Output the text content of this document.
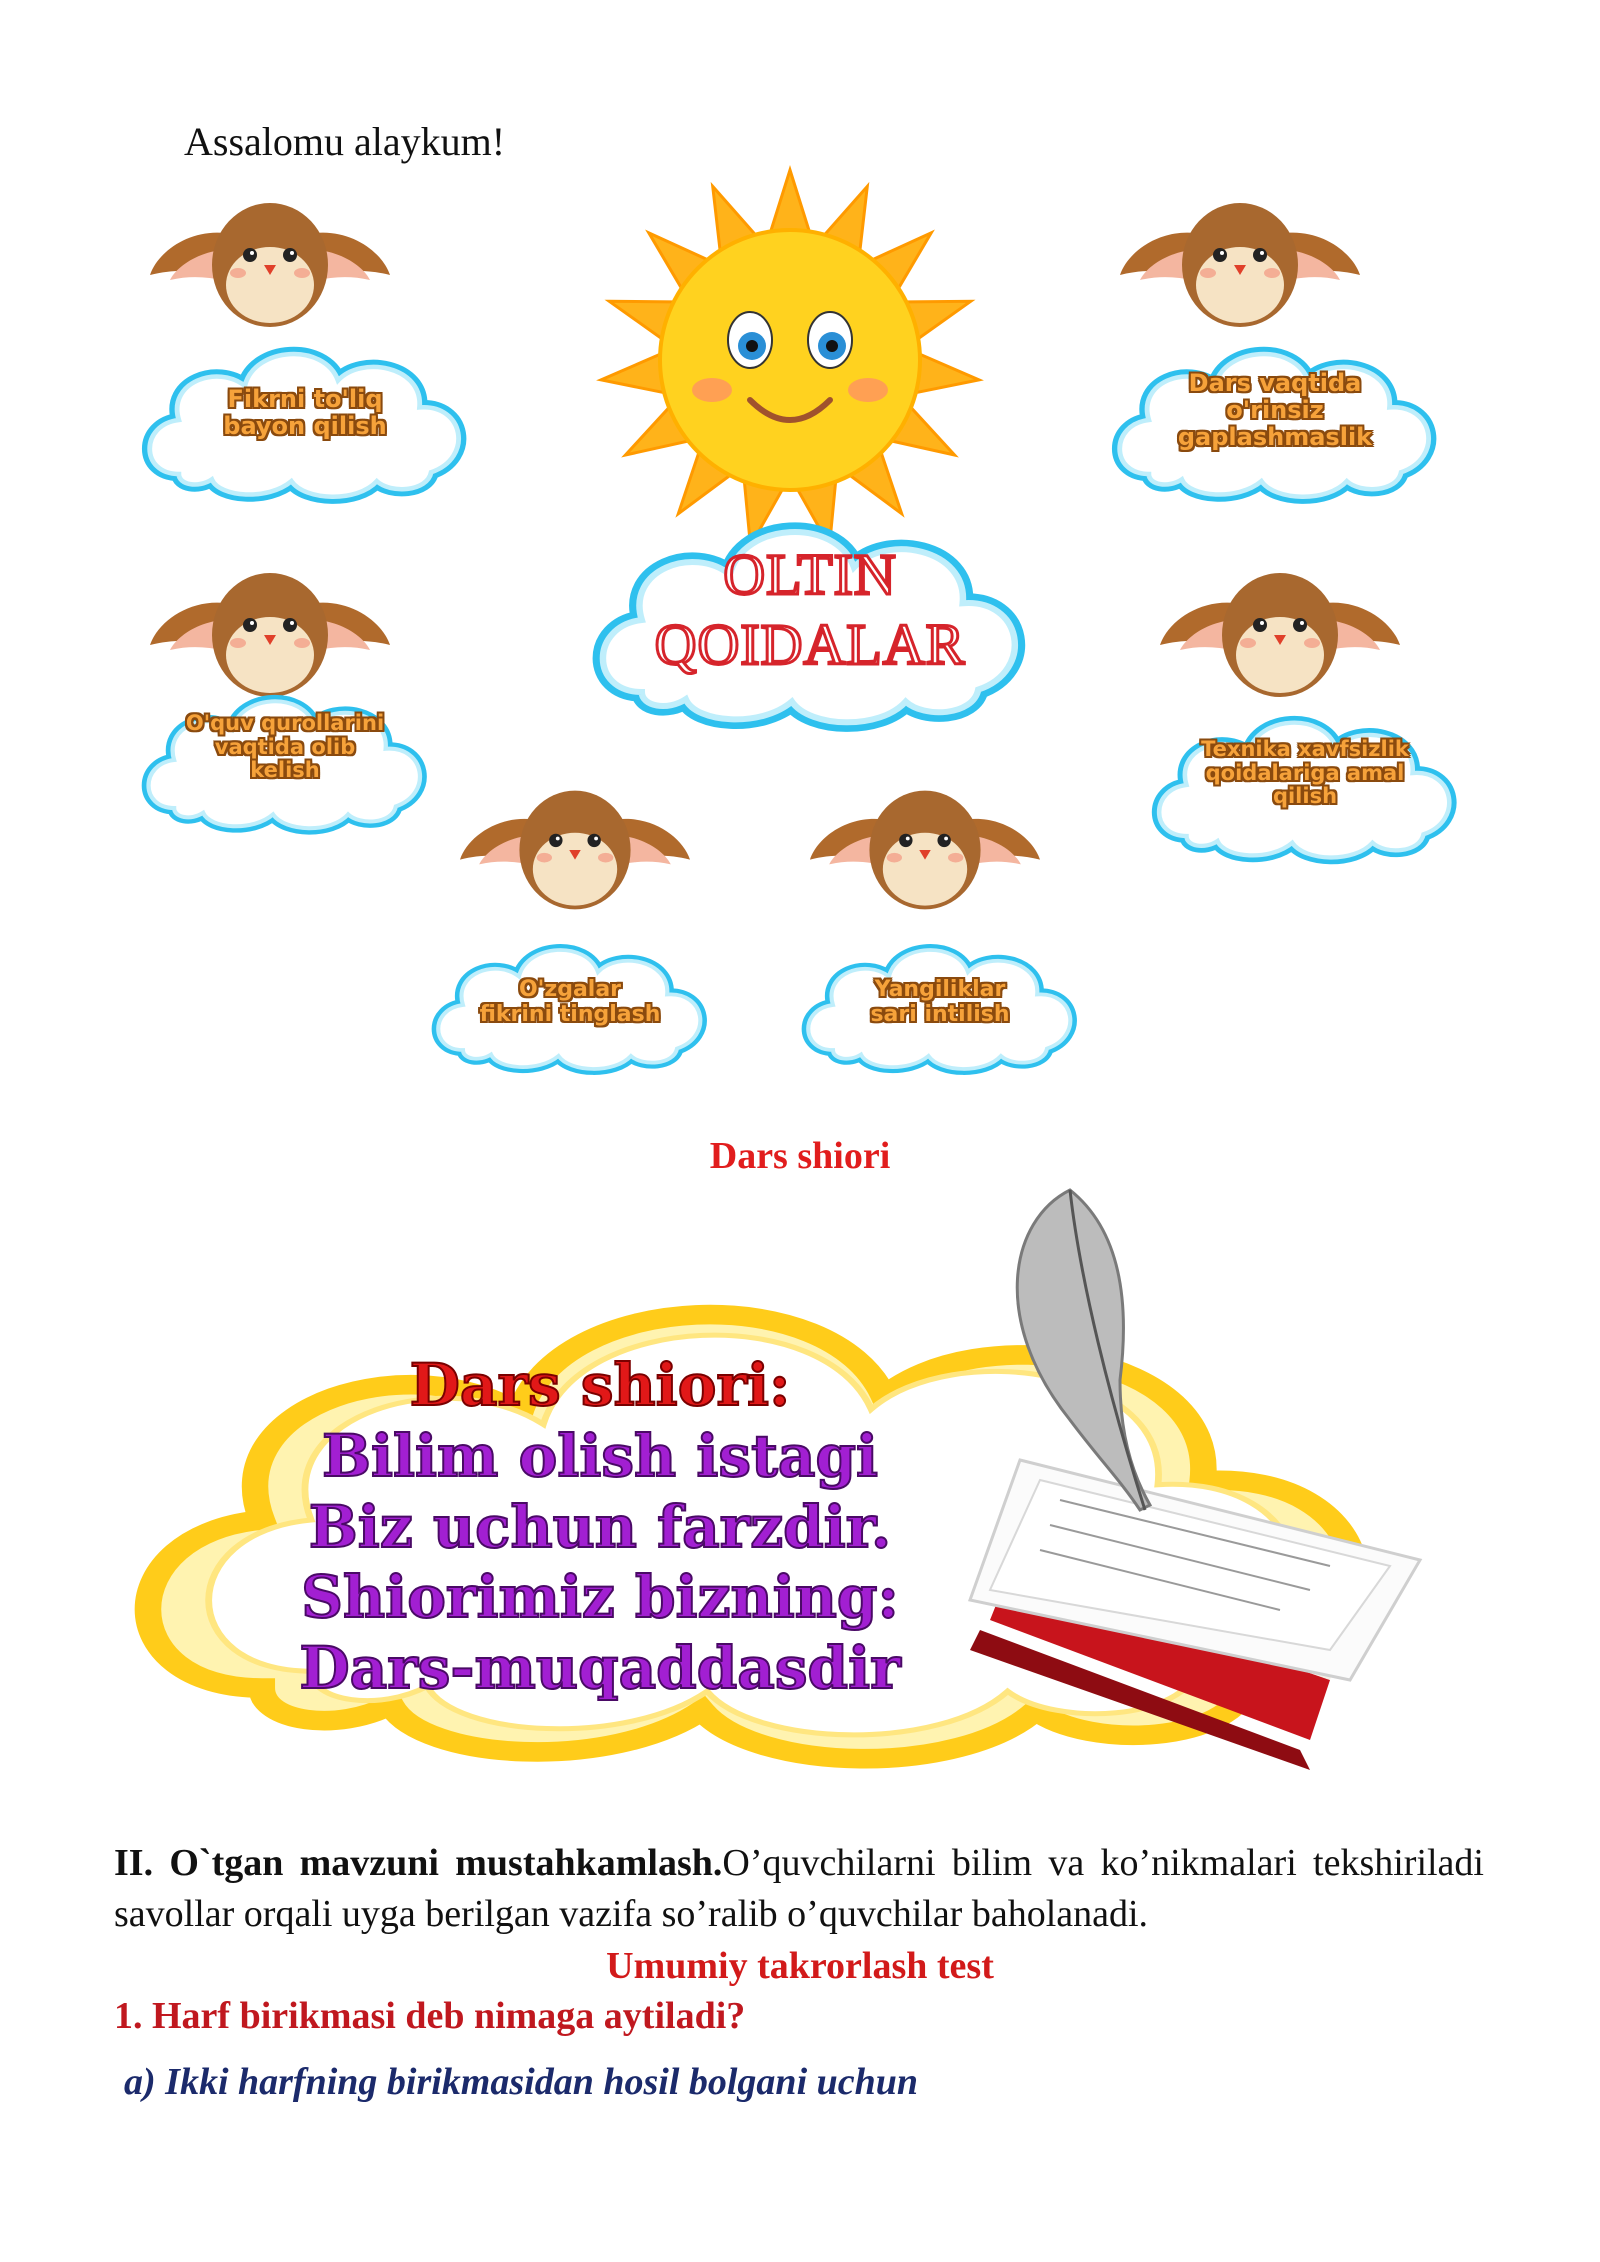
Assalomu alaykum!
OLTIN
QOIDALAR
Fikrni to'liq
bayon qilish
Dars vaqtida
o'rinsiz
gaplashmaslik
O'quv qurollarini
vaqtida olib
kelish
Texnika xavfsizlik
qoidalariga amal
qilish
O'zgalar
fikrini tinglash
Yangiliklar
sari intilish
Dars shiori
Dars shiori:
Bilim olish istagi
Biz uchun farzdir.
Shiorimiz bizning:
Dars-muqaddasdir
II. O`tgan mavzuni mustahkamlash.O’quvchilarni bilim va ko’nikmalari tekshiriladi savollar orqali uyga berilgan vazifa so’ralib o’quvchilar baholanadi.
Umumiy takrorlash test
1. Harf birikmasi deb nimaga aytiladi?
a) Ikki harfning birikmasidan hosil bolgani uchun
